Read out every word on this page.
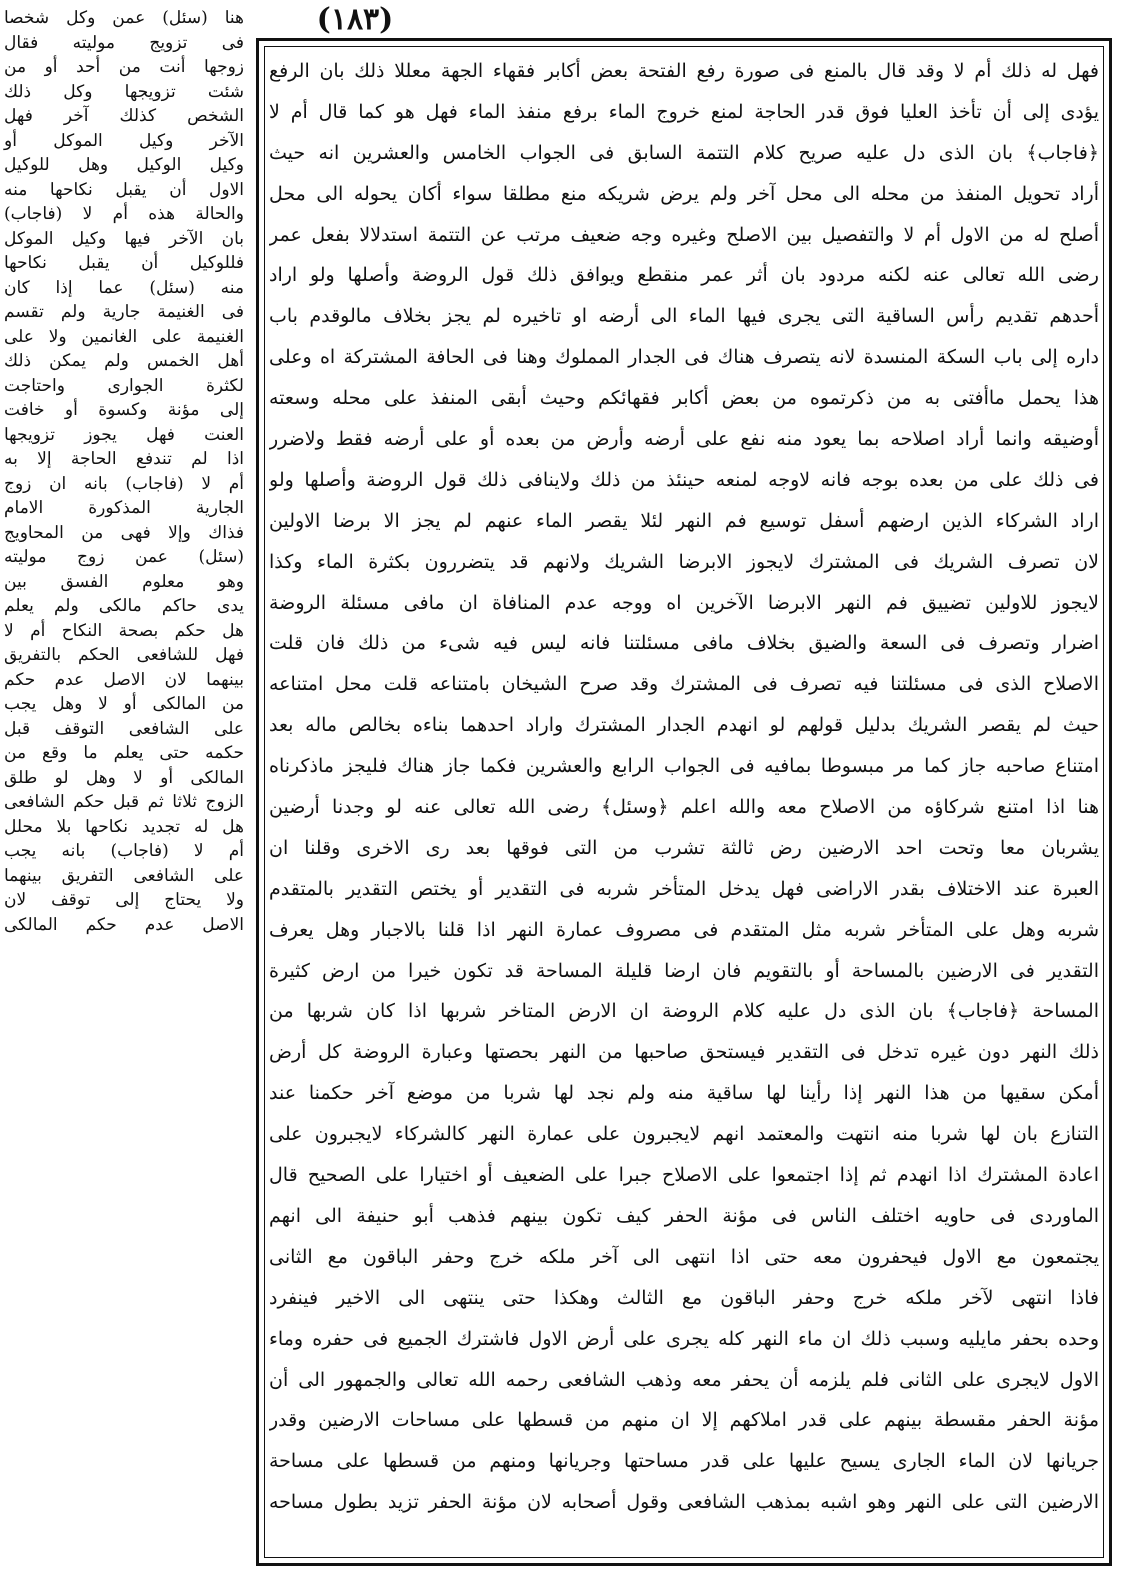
(١٨٣)
هنا (سئل) عمن وكل شخصا
فى تزويج موليته فقال
زوجها أنت من أحد أو من
شئت تزويجها وكل ذلك
الشخص كذلك آخر فهل
الآخر وكيل الموكل أو
وكيل الوكيل وهل للوكيل
الاول أن يقبل نكاحها منه
والحالة هذه أم لا (فاجاب)
بان الآخر فيها وكيل الموكل
فللوكيل أن يقبل نكاحها
منه (سئل) عما إذا كان
فى الغنيمة جارية ولم تقسم
الغنيمة على الغانمين ولا على
أهل الخمس ولم يمكن ذلك
لكثرة الجوارى واحتاجت
إلى مؤنة وكسوة أو خافت
العنت فهل يجوز تزويجها
اذا لم تندفع الحاجة إلا به
أم لا (فاجاب) بانه ان زوج
الجارية المذكورة الامام
فذاك وإلا فهى من المحاويج
(سئل) عمن زوج موليته
وهو معلوم الفسق بين
يدى حاكم مالكى ولم يعلم
هل حكم بصحة النكاح أم لا
فهل للشافعى الحكم بالتفريق
بينهما لان الاصل عدم حكم
من المالكى أو لا وهل يجب
على الشافعى التوقف قبل
حكمه حتى يعلم ما وقع من
المالكى أو لا وهل لو طلق
الزوج ثلاثا ثم قبل حكم الشافعى
هل له تجديد نكاحها بلا محلل
أم لا (فاجاب) بانه يجب
على الشافعى التفريق بينهما
ولا يحتاج إلى توقف لان
الاصل عدم حكم المالكى
فهل له ذلك أم لا وقد قال بالمنع فى صورة رفع الفتحة بعض أكابر فقهاء الجهة معللا ذلك بان الرفع
يؤدى إلى أن تأخذ العليا فوق قدر الحاجة لمنع خروج الماء برفع منفذ الماء فهل هو كما قال أم لا
﴿فاجاب﴾ بان الذى دل عليه صريح كلام التتمة السابق فى الجواب الخامس والعشرين انه حيث
أراد تحويل المنفذ من محله الى محل آخر ولم يرض شريكه منع مطلقا سواء أكان يحوله الى محل
أصلح له من الاول أم لا والتفصيل بين الاصلح وغيره وجه ضعيف مرتب عن التتمة استدلالا بفعل عمر
رضى الله تعالى عنه لكنه مردود بان أثر عمر منقطع ويوافق ذلك قول الروضة وأصلها ولو اراد
أحدهم تقديم رأس الساقية التى يجرى فيها الماء الى أرضه او تاخيره لم يجز بخلاف مالوقدم باب
داره إلى باب السكة المنسدة لانه يتصرف هناك فى الجدار المملوك وهنا فى الحافة المشتركة اه وعلى
هذا يحمل ماأفتى به من ذكرتموه من بعض أكابر فقهائكم وحيث أبقى المنفذ على محله وسعته
أوضيقه وانما أراد اصلاحه بما يعود منه نفع على أرضه وأرض من بعده أو على أرضه فقط ولاضرر
فى ذلك على من بعده بوجه فانه لاوجه لمنعه حينئذ من ذلك ولاينافى ذلك قول الروضة وأصلها ولو
اراد الشركاء الذين ارضهم أسفل توسيع فم النهر لئلا يقصر الماء عنهم لم يجز الا برضا الاولين
لان تصرف الشريك فى المشترك لايجوز الابرضا الشريك ولانهم قد يتضررون بكثرة الماء وكذا
لايجوز للاولين تضييق فم النهر الابرضا الآخرين اه ووجه عدم المنافاة ان مافى مسئلة الروضة
اضرار وتصرف فى السعة والضيق بخلاف مافى مسئلتنا فانه ليس فيه شىء من ذلك فان قلت
الاصلاح الذى فى مسئلتنا فيه تصرف فى المشترك وقد صرح الشيخان بامتناعه قلت محل امتناعه
حيث لم يقصر الشريك بدليل قولهم لو انهدم الجدار المشترك واراد احدهما بناءه بخالص ماله بعد
امتناع صاحبه جاز كما مر مبسوطا بمافيه فى الجواب الرابع والعشرين فكما جاز هناك فليجز ماذكرناه
هنا اذا امتنع شركاؤه من الاصلاح معه والله اعلم ﴿وسئل﴾ رضى الله تعالى عنه لو وجدنا أرضين
يشربان معا وتحت احد الارضين رض ثالثة تشرب من التى فوقها بعد رى الاخرى وقلنا ان
العبرة عند الاختلاف بقدر الاراضى فهل يدخل المتأخر شربه فى التقدير أو يختص التقدير بالمتقدم
شربه وهل على المتأخر شربه مثل المتقدم فى مصروف عمارة النهر اذا قلنا بالاجبار وهل يعرف
التقدير فى الارضين بالمساحة أو بالتقويم فان ارضا قليلة المساحة قد تكون خيرا من ارض كثيرة
المساحة ﴿فاجاب﴾ بان الذى دل عليه كلام الروضة ان الارض المتاخر شربها اذا كان شربها من
ذلك النهر دون غيره تدخل فى التقدير فيستحق صاحبها من النهر بحصتها وعبارة الروضة كل أرض
أمكن سقيها من هذا النهر إذا رأينا لها ساقية منه ولم نجد لها شربا من موضع آخر حكمنا عند
التنازع بان لها شربا منه انتهت والمعتمد انهم لايجبرون على عمارة النهر كالشركاء لايجبرون على
اعادة المشترك اذا انهدم ثم إذا اجتمعوا على الاصلاح جبرا على الضعيف أو اختيارا على الصحيح قال
الماوردى فى حاويه اختلف الناس فى مؤنة الحفر كيف تكون بينهم فذهب أبو حنيفة الى انهم
يجتمعون مع الاول فيحفرون معه حتى اذا انتهى الى آخر ملكه خرج وحفر الباقون مع الثانى
فاذا انتهى لآخر ملكه خرج وحفر الباقون مع الثالث وهكذا حتى ينتهى الى الاخير فينفرد
وحده بحفر مايليه وسبب ذلك ان ماء النهر كله يجرى على أرض الاول فاشترك الجميع فى حفره وماء
الاول لايجرى على الثانى فلم يلزمه أن يحفر معه وذهب الشافعى رحمه الله تعالى والجمهور الى أن
مؤنة الحفر مقسطة بينهم على قدر املاكهم إلا ان منهم من قسطها على مساحات الارضين وقدر
جريانها لان الماء الجارى يسيح عليها على قدر مساحتها وجريانها ومنهم من قسطها على مساحة
الارضين التى على النهر وهو اشبه بمذهب الشافعى وقول أصحابه لان مؤنة الحفر تزيد بطول مساحه
